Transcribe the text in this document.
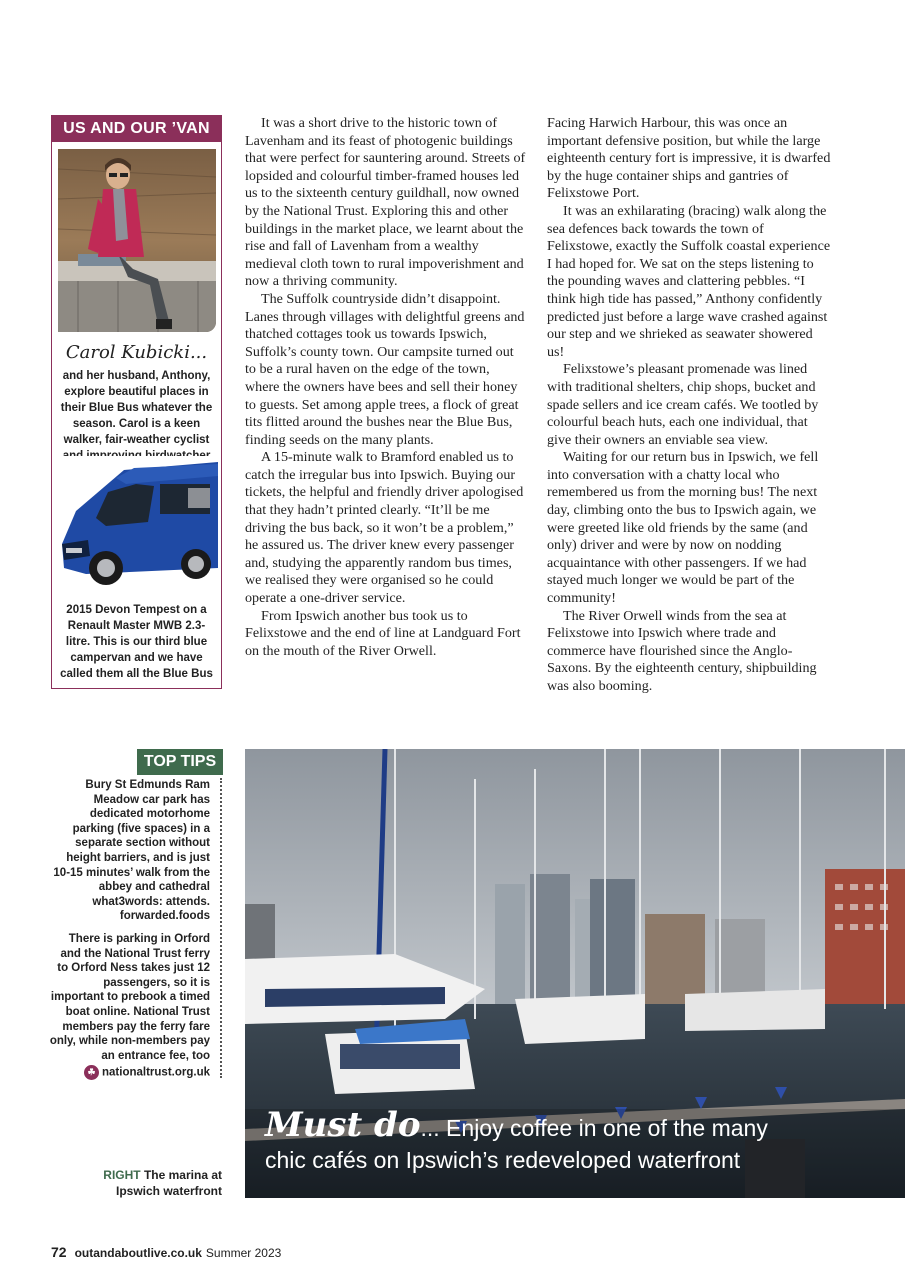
US AND OUR ’VAN
Carol Kubicki...
and her husband, Anthony, explore beautiful places in their Blue Bus whatever the season. Carol is a keen walker, fair-weather cyclist
2015 Devon Tempest on a Renault Master MWB 2.3-litre. This is our third blue campervan and we have called them all the Blue Bus

It was a short drive to the historic town of Lavenham and its feast of photogenic buildings that were perfect for sauntering around. Streets of lopsided and colourful timber-framed houses led us to the sixteenth century guildhall, now owned by the National Trust. Exploring this and other buildings in the market place, we learnt about the rise and fall of Lavenham from a wealthy medieval cloth town to rural impoverishment and now a thriving community.

The Suffolk countryside didn’t disappoint. Lanes through villages with delightful greens and thatched cottages took us towards Ipswich, Suffolk’s county town. Our campsite turned out to be a rural haven on the edge of the town, where the owners have bees and sell their honey to guests. Set among apple trees, a flock of great tits flitted around the bushes near the Blue Bus, finding seeds on the many plants.

A 15-minute walk to Bramford enabled us to catch the irregular bus into Ipswich. Buying our tickets, the helpful and friendly driver apologised that they hadn’t printed clearly. “It’ll be me driving the bus back, so it won’t be a problem,” he assured us. The driver knew every passenger and, studying the apparently random bus times, we realised they were organised so he could operate a one-driver service.

From Ipswich another bus took us to Felixstowe and the end of line at Landguard Fort on the mouth of the River Orwell.

Facing Harwich Harbour, this was once an important defensive position, but while the large eighteenth century fort is impressive, it is dwarfed by the huge container ships and gantries of Felixstowe Port.

It was an exhilarating (bracing) walk along the sea defences back towards the town of Felixstowe, exactly the Suffolk coastal experience I had hoped for. We sat on the steps listening to the pounding waves and clattering pebbles. “I think high tide has passed,” Anthony confidently predicted just before a large wave crashed against our step and we shrieked as seawater showered us!

Felixstowe’s pleasant promenade was lined with traditional shelters, chip shops, bucket and spade sellers and ice cream cafés. We tootled by colourful beach huts, each one individual, that give their owners an enviable sea view.

Waiting for our return bus in Ipswich, we fell into conversation with a chatty local who remembered us from the morning bus! The next day, climbing onto the bus to Ipswich again, we were greeted like old friends by the same (and only) driver and were by now on nodding acquaintance with other passengers. If we had stayed much longer we would be part of the community!

The River Orwell winds from the sea at Felixstowe into Ipswich where trade and commerce have flourished since the Anglo-Saxons. By the eighteenth century, shipbuilding was also booming.

TOP TIPS

Bury St Edmunds Ram Meadow car park has dedicated motorhome parking (five spaces) in a separate section without height barriers, and is just 10-15 minutes’ walk from the abbey and cathedral

what3words: attends. forwarded.foods

There is parking in Orford and the National Trust ferry to Orford Ness takes just 12 passengers, so it is important to prebook a timed boat online. National Trust members pay the ferry fare only, while non-members pay an entrance fee, too

☘ nationaltrust.org.uk
RIGHT The marina at Ipswich waterfront
Must do... Enjoy coffee in one of the many
chic cafés on Ipswich’s redeveloped waterfront
72 outandaboutlive.co.uk Summer 2023
